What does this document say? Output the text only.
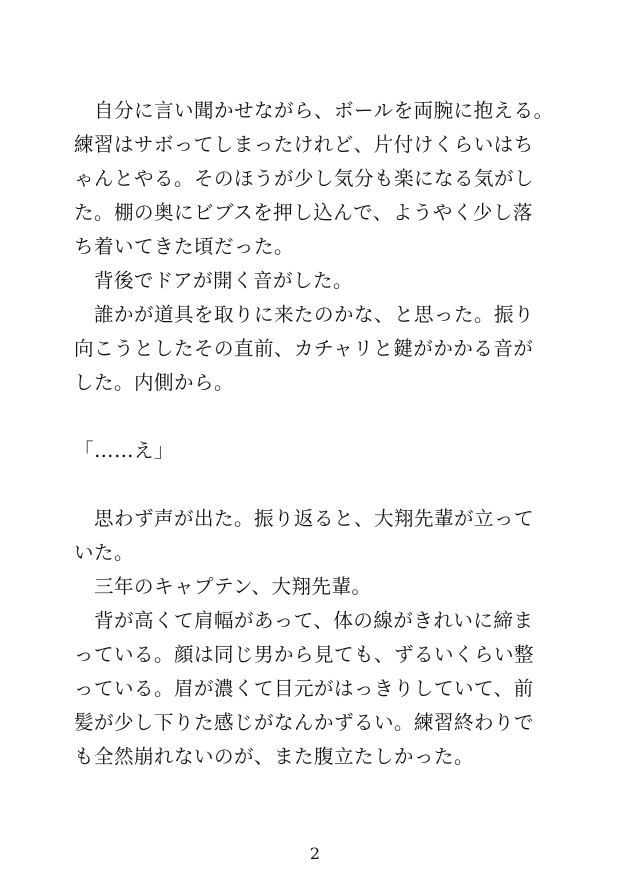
　自分に言い聞かせながら、ボールを両腕に抱える。
練習はサボってしまったけれど、片付けくらいはち
ゃんとやる。そのほうが少し気分も楽になる気がし
た。棚の奥にビブスを押し込んで、ようやく少し落
ち着いてきた頃だった。
　背後でドアが開く音がした。
　誰かが道具を取りに来たのかな、と思った。振り
向こうとしたその直前、カチャリと鍵がかかる音が
した。内側から。
「……え」
　思わず声が出た。振り返ると、大翔先輩が立って
いた。
　三年のキャプテン、大翔先輩。
　背が高くて肩幅があって、体の線がきれいに締ま
っている。顔は同じ男から見ても、ずるいくらい整
っている。眉が濃くて目元がはっきりしていて、前
髪が少し下りた感じがなんかずるい。練習終わりで
も全然崩れないのが、また腹立たしかった。
2
